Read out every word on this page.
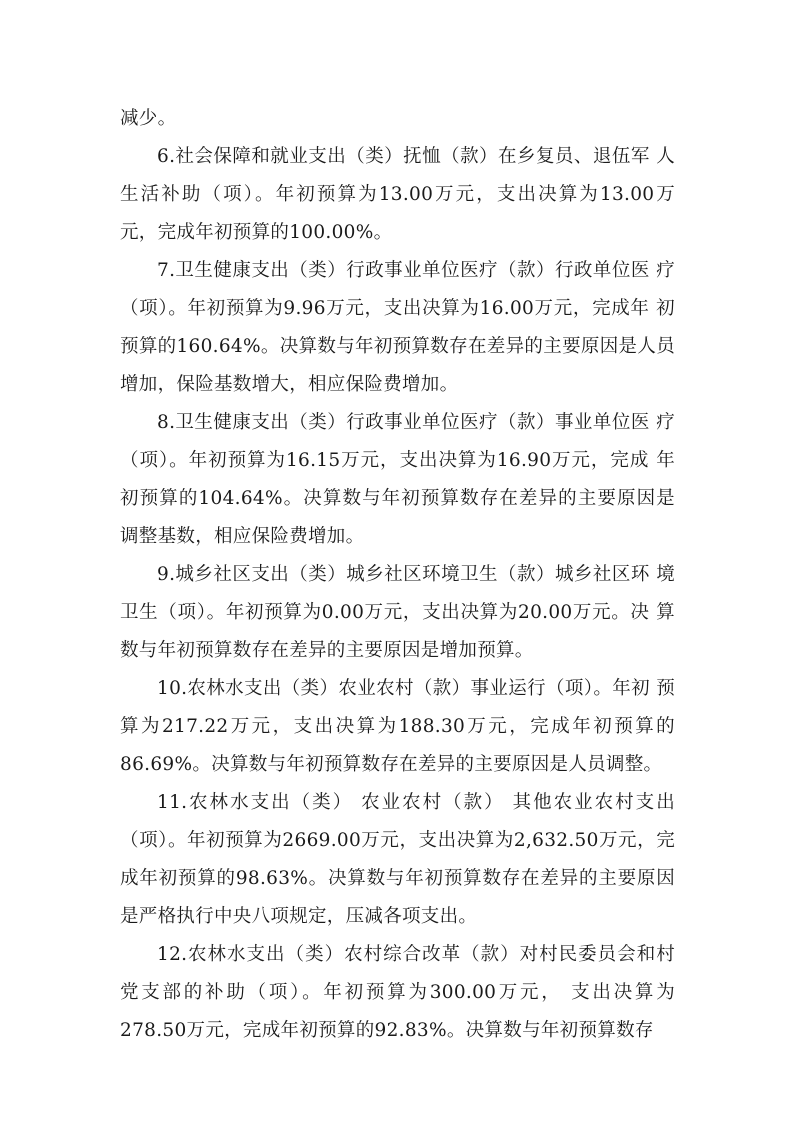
减少。

6.社会保障和就业支出（类）抚恤（款）在乡复员、退伍军 人生活补助（项）。年初预算为13.00万元，支出决算为13.00万 元，完成年初预算的100.00%。

7.卫生健康支出（类）行政事业单位医疗（款）行政单位医 疗（项）。年初预算为9.96万元，支出决算为16.00万元，完成年 初预算的160.64%。决算数与年初预算数存在差异的主要原因是人员增加，保险基数增大，相应保险费增加。

8.卫生健康支出（类）行政事业单位医疗（款）事业单位医 疗（项）。年初预算为16.15万元，支出决算为16.90万元，完成 年初预算的104.64%。决算数与年初预算数存在差异的主要原因是 调整基数，相应保险费增加。

9.城乡社区支出（类）城乡社区环境卫生（款）城乡社区环 境卫生（项）。年初预算为0.00万元，支出决算为20.00万元。决 算数与年初预算数存在差异的主要原因是增加预算。

10.农林水支出（类）农业农村（款）事业运行（项）。年初 预算为217.22万元，支出决算为188.30万元，完成年初预算的 86.69%。决算数与年初预算数存在差异的主要原因是人员调整。

11.农林水支出（类） 农业农村（款） 其他农业农村支出（项）。年初预算为2669.00万元，支出决算为2,632.50万元，完 成年初预算的98.63%。决算数与年初预算数存在差异的主要原因是严格执行中央八项规定，压减各项支出。

12.农林水支出（类）农村综合改革（款）对村民委员会和村 党支部的补助（项）。年初预算为300.00万元， 支出决算为278.50万元，完成年初预算的92.83%。决算数与年初预算数存
